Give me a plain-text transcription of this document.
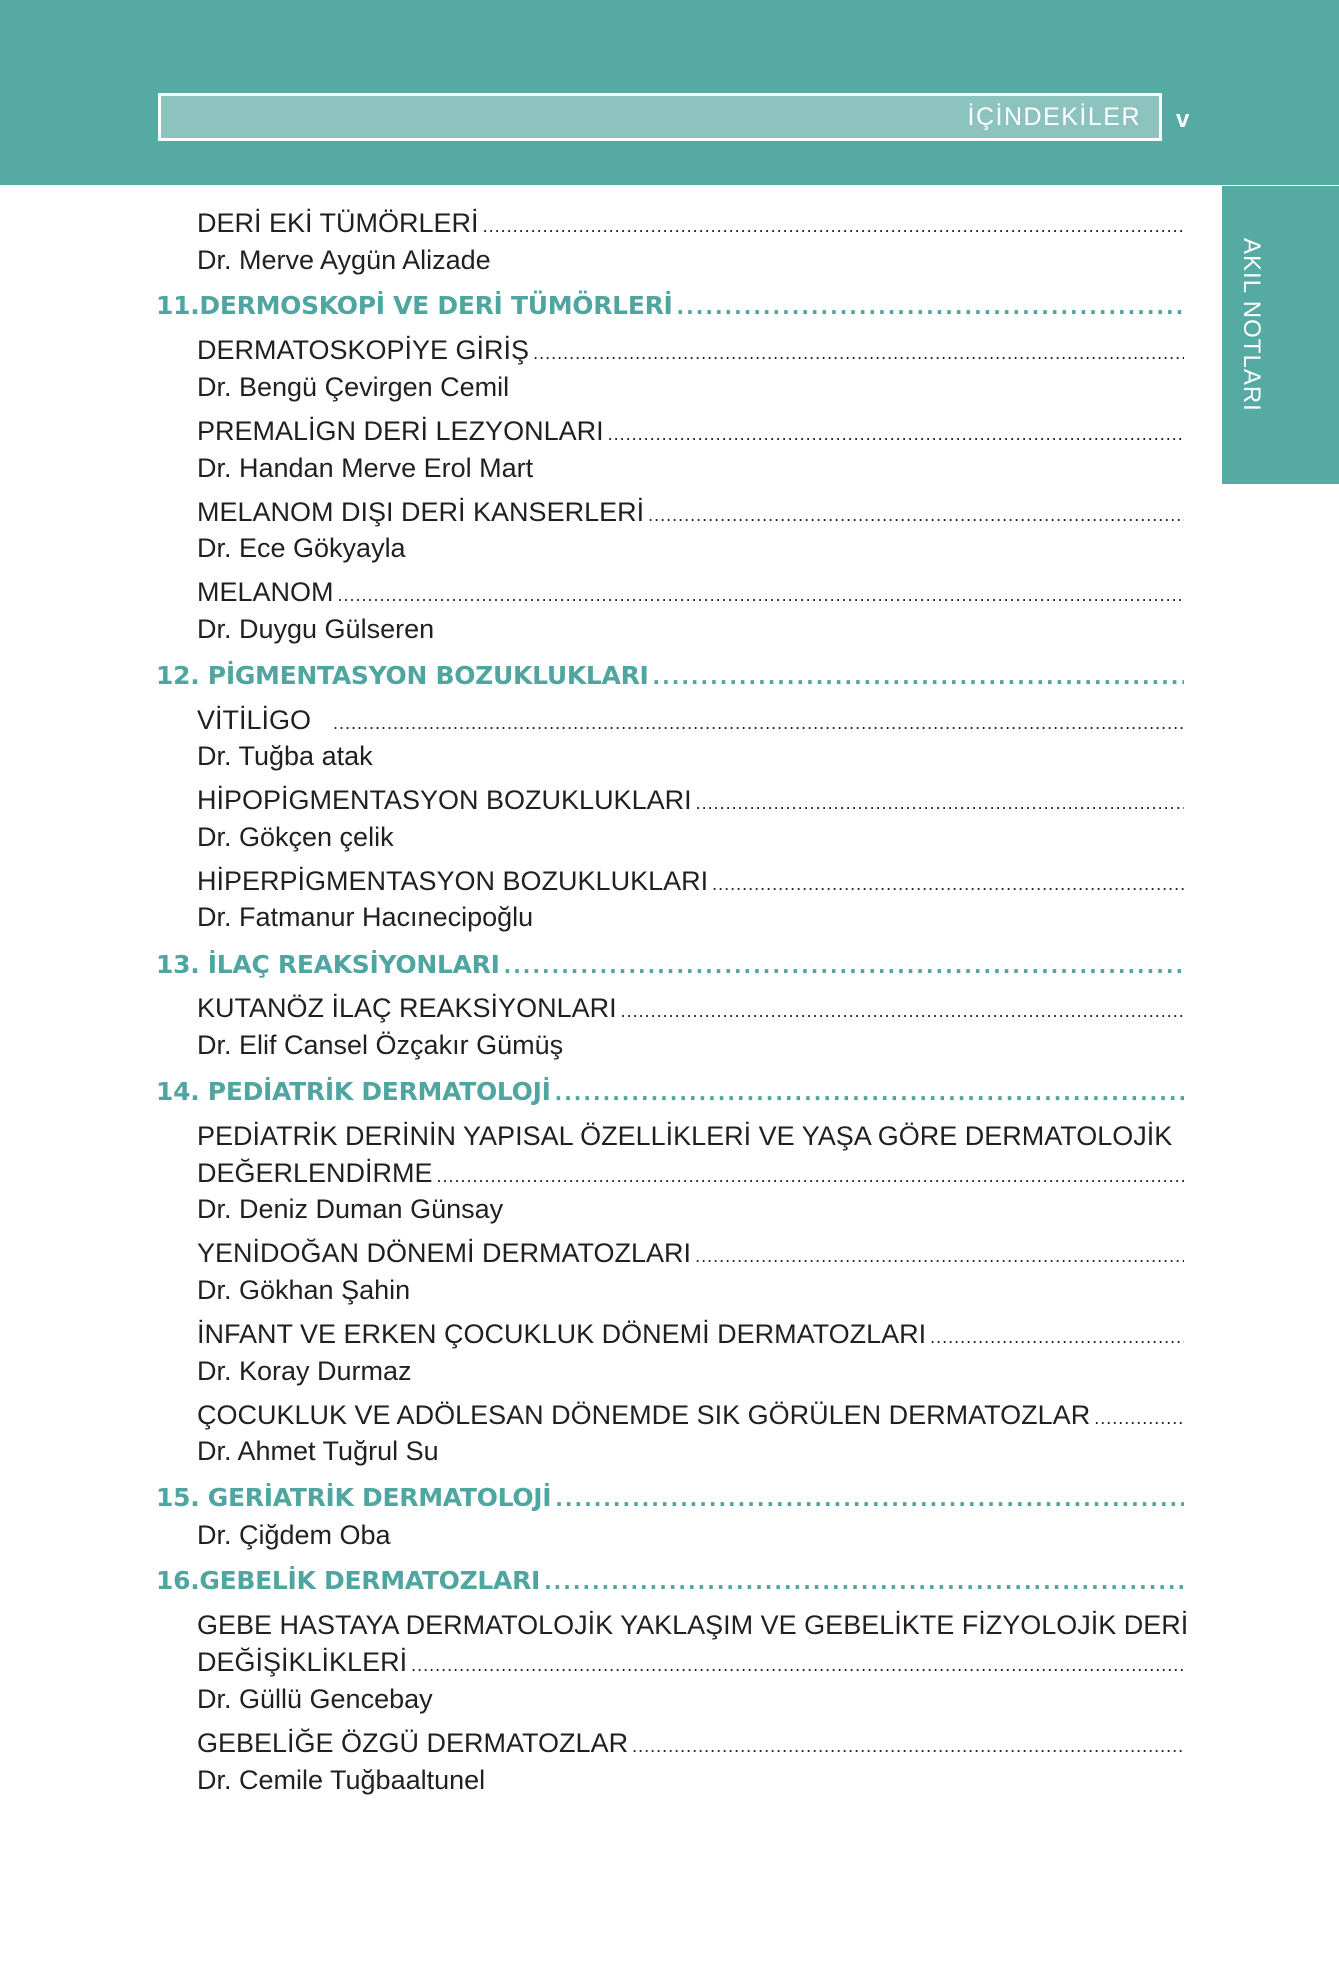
İÇİNDEKİLER v
AKIL NOTLARI
DERİ EKİ TÜMÖRLERİ
.....
Dr. Merve Aygün Alizade
11.DERMOSKOPİ VE DERİ TÜMÖRLERİ
.....
DERMATOSKOPİYE GİRİŞ
.....
Dr. Bengü Çevirgen Cemil
PREMALİGN DERİ LEZYONLARI
.....
Dr. Handan Merve Erol Mart
MELANOM DIŞI DERİ KANSERLERİ
.....
Dr. Ece Gökyayla
MELANOM
.....
Dr. Duygu Gülseren
12. PİGMENTASYON BOZUKLUKLARI
.....
VİTİLİGO
.....
Dr. Tuğba atak
HİPOPİGMENTASYON BOZUKLUKLARI
.....
Dr. Gökçen çelik
HİPERPİGMENTASYON BOZUKLUKLARI
.....
Dr. Fatmanur Hacınecipoğlu
13. İLAÇ REAKSİYONLARI
.....
KUTANÖZ İLAÇ REAKSİYONLARI
.....
Dr. Elif Cansel Özçakır Gümüş
14. PEDİATRİK DERMATOLOJİ
.....
PEDİATRİK DERİNİN YAPISAL ÖZELLİKLERİ VE YAŞA GÖRE DERMATOLOJİK
DEĞERLENDİRME
.....
Dr. Deniz Duman Günsay
YENİDOĞAN DÖNEMİ DERMATOZLARI
.....
Dr. Gökhan Şahin
İNFANT VE ERKEN ÇOCUKLUK DÖNEMİ DERMATOZLARI
.....
Dr. Koray Durmaz
ÇOCUKLUK VE ADÖLESAN DÖNEMDE SIK GÖRÜLEN DERMATOZLAR
.....
Dr. Ahmet Tuğrul Su
15. GERİATRİK DERMATOLOJİ
.....
Dr. Çiğdem Oba
16.GEBELİK DERMATOZLARI
.....
GEBE HASTAYA DERMATOLOJİK YAKLAŞIM VE GEBELİKTE FİZYOLOJİK DERİ
DEĞİŞİKLİKLERİ
.....
Dr. Güllü Gencebay
GEBELİĞE ÖZGÜ DERMATOZLAR
.....
Dr. Cemile Tuğbaaltunel
